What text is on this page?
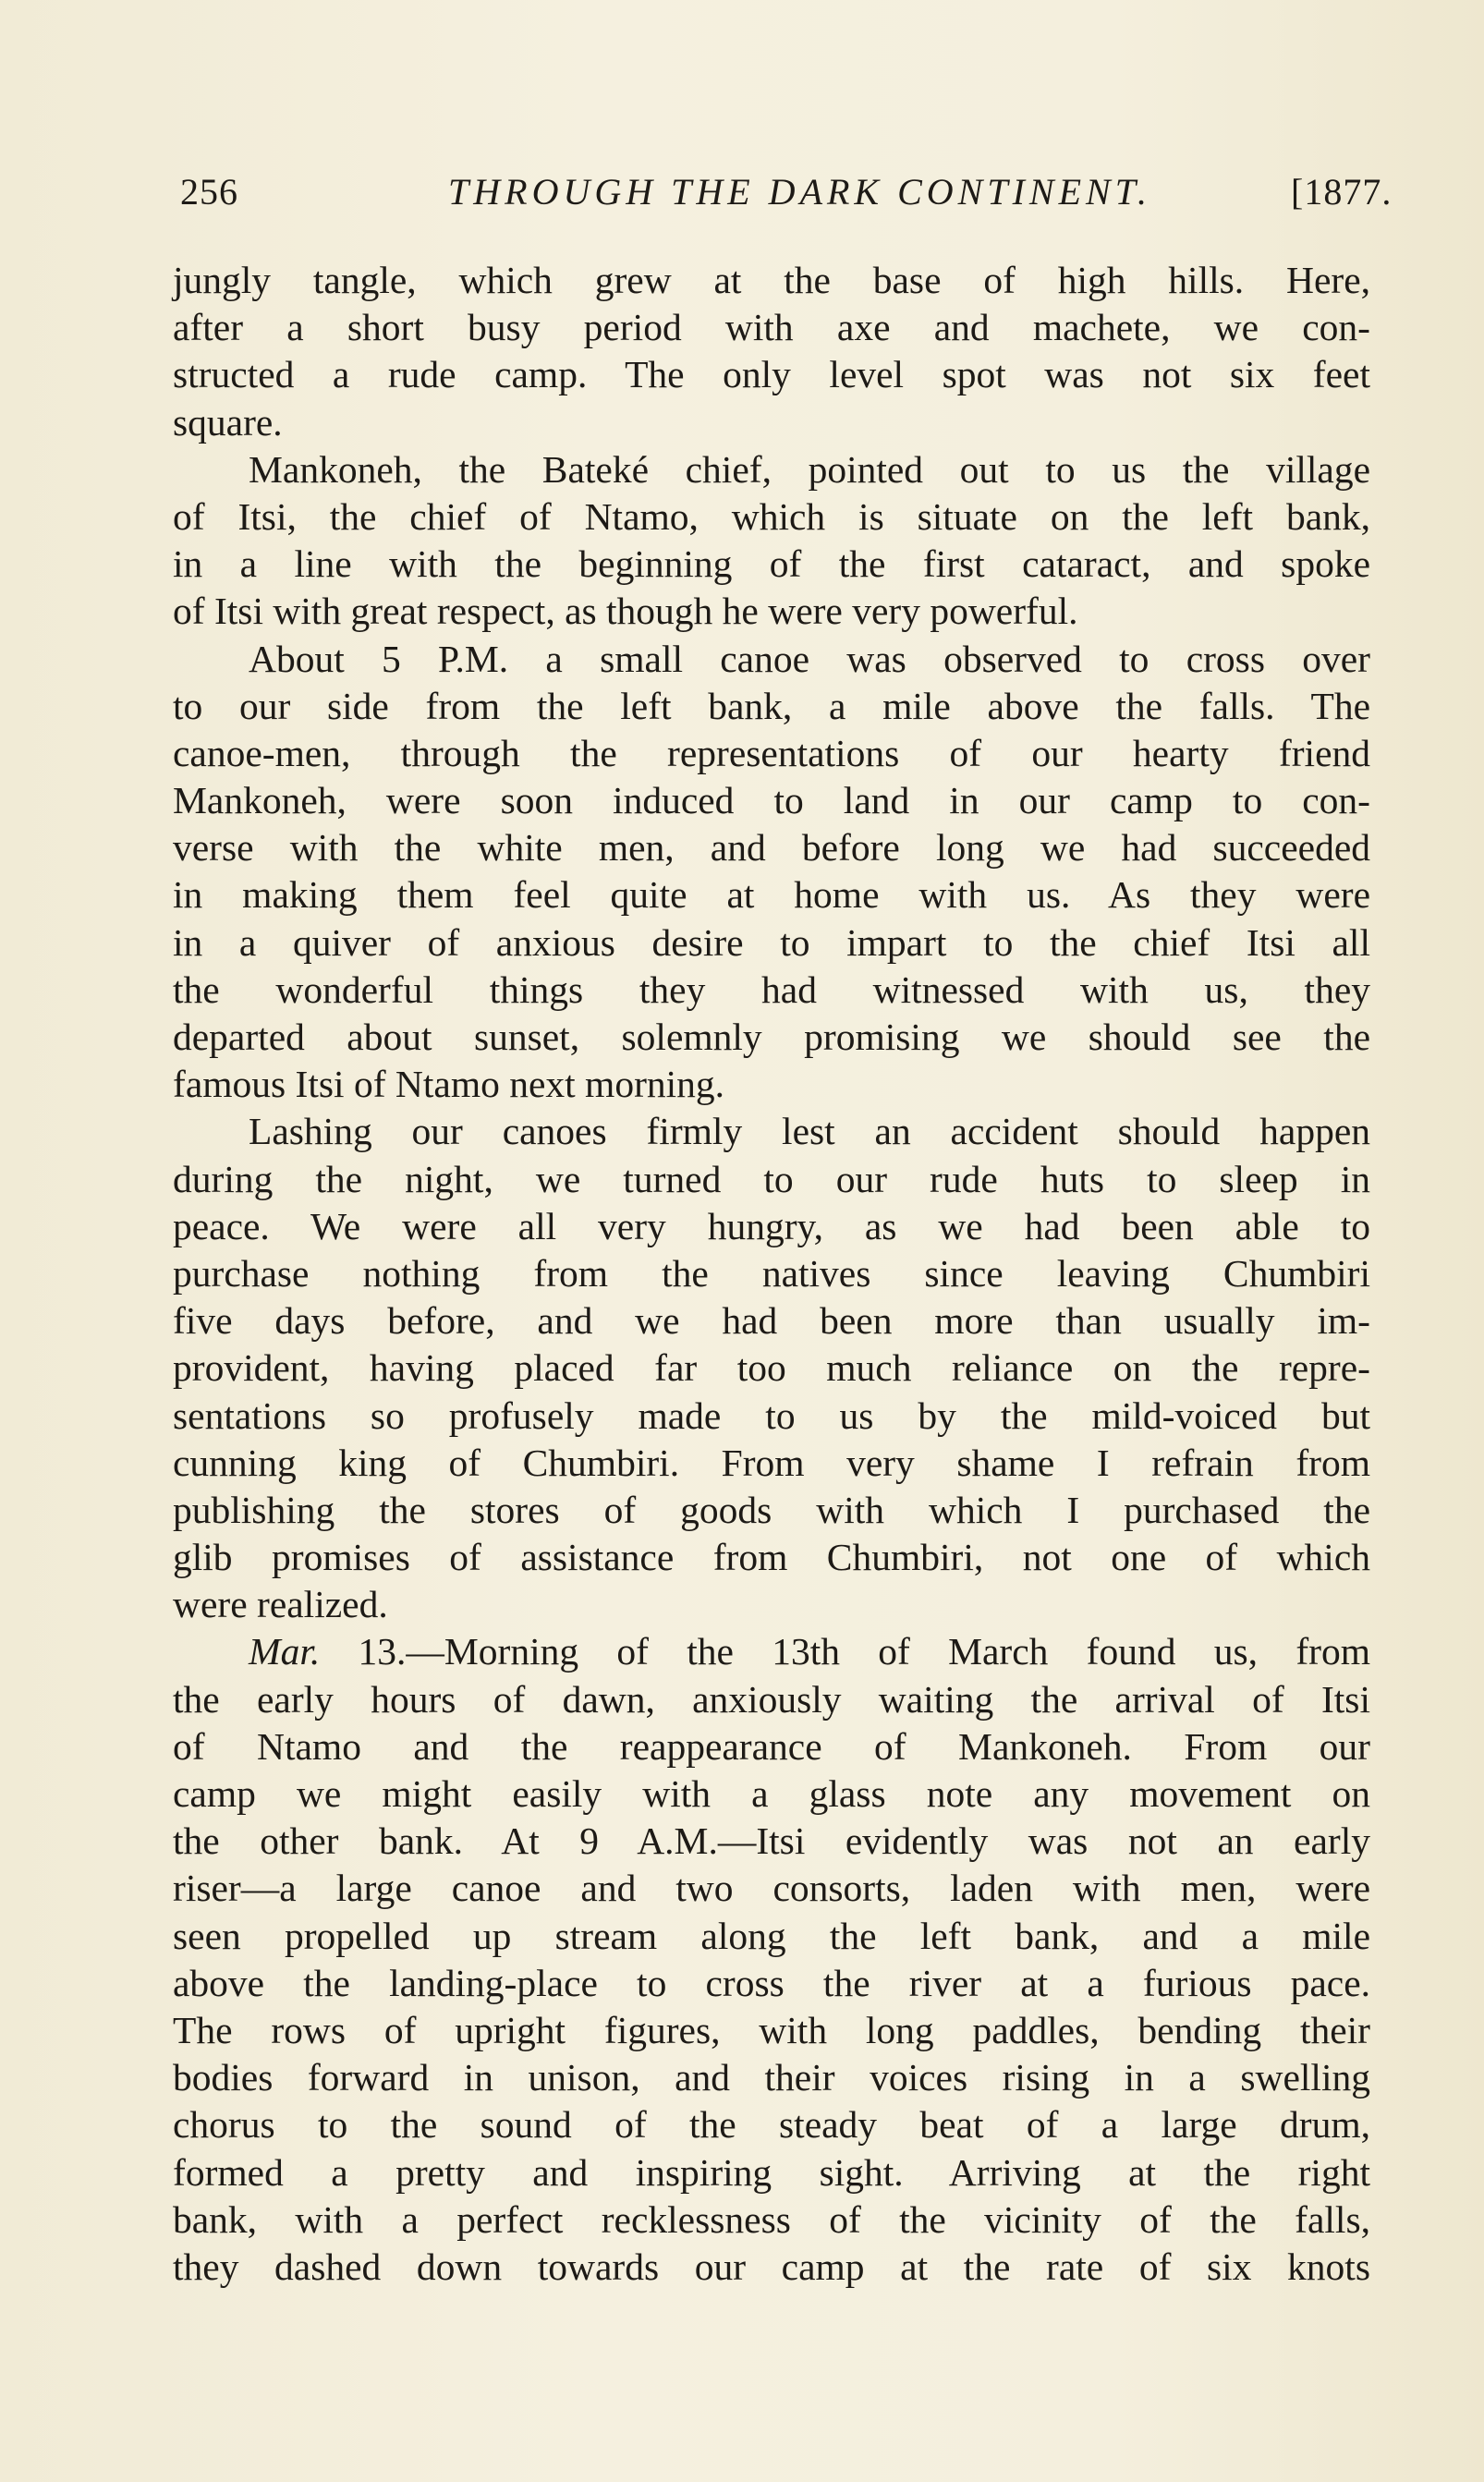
256	THROUGH THE DARK CONTINENT.	[1877.
jungly tangle, which grew at the base of high hills. Here,
after a short busy period with axe and machete, we con-
structed a rude camp. The only level spot was not six feet
square.
Mankoneh, the Bateké chief, pointed out to us the village
of Itsi, the chief of Ntamo, which is situate on the left bank,
in a line with the beginning of the first cataract, and spoke
of Itsi with great respect, as though he were very powerful.
About 5 P.M. a small canoe was observed to cross over
to our side from the left bank, a mile above the falls. The
canoe-men, through the representations of our hearty friend
Mankoneh, were soon induced to land in our camp to con-
verse with the white men, and before long we had succeeded
in making them feel quite at home with us. As they were
in a quiver of anxious desire to impart to the chief Itsi all
the wonderful things they had witnessed with us, they
departed about sunset, solemnly promising we should see the
famous Itsi of Ntamo next morning.
Lashing our canoes firmly lest an accident should happen
during the night, we turned to our rude huts to sleep in
peace. We were all very hungry, as we had been able to
purchase nothing from the natives since leaving Chumbiri
five days before, and we had been more than usually im-
provident, having placed far too much reliance on the repre-
sentations so profusely made to us by the mild-voiced but
cunning king of Chumbiri. From very shame I refrain from
publishing the stores of goods with which I purchased the
glib promises of assistance from Chumbiri, not one of which
were realized.
Mar. 13.—Morning of the 13th of March found us, from
the early hours of dawn, anxiously waiting the arrival of Itsi
of Ntamo and the reappearance of Mankoneh. From our
camp we might easily with a glass note any movement on
the other bank. At 9 A.M.—Itsi evidently was not an early
riser—a large canoe and two consorts, laden with men, were
seen propelled up stream along the left bank, and a mile
above the landing-place to cross the river at a furious pace.
The rows of upright figures, with long paddles, bending their
bodies forward in unison, and their voices rising in a swelling
chorus to the sound of the steady beat of a large drum,
formed a pretty and inspiring sight. Arriving at the right
bank, with a perfect recklessness of the vicinity of the falls,
they dashed down towards our camp at the rate of six knots
